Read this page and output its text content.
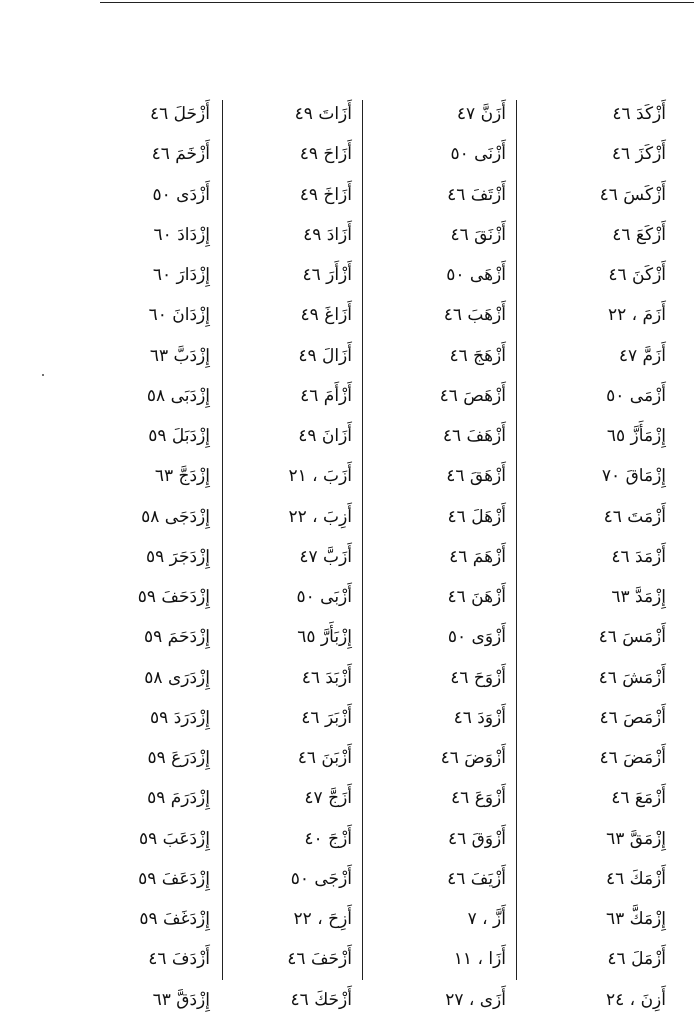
أَزْحَلَ ٤٦
أَزْخَمَ ٤٦
أَزْدَى ٥٠
إِزْدَادَ ٦٠
إِزْدَارَ ٦٠
إِزْدَانَ ٦٠
إِزْدَبَّ ٦٣
إِزْدَبَى ٥٨
إِزْدَبَلَ ٥٩
إِزْدَجَّ ٦٣
إِزْدَجَى ٥٨
إِزْدَجَرَ ٥٩
إِزْدَحَفَ ٥٩
إِزْدَحَمَ ٥٩
إِزْدَرَى ٥٨
إِزْدَرَدَ ٥٩
إِزْدَرَعَ ٥٩
إِزْدَرَمَ ٥٩
إِزْدَعَبَ ٥٩
إِزْدَعَفَ ٥٩
إِزْدَغَفَ ٥٩
أَزْدَفَ ٤٦
إِزْدَقَّ ٦٣
أَزَاتَ ٤٩
أَزَاحَ ٤٩
أَزَاخَ ٤٩
أَزَادَ ٤٩
أَزْأَرَ ٤٦
أَزَاغَ ٤٩
أَزَالَ ٤٩
أَزْأَمَ ٤٦
أَزَانَ ٤٩
أَزَبَ ، ٢١
أَزِبَ ، ٢٢
أَزَبَّ ٤٧
أَزْبَى ٥٠
إِزْبَأَرَّ ٦٥
أَزْبَدَ ٤٦
أَزْبَرَ ٤٦
أَزْبَنَ ٤٦
أَزَجَّ ٤٧
أَزْجَ ٤٠
أَزْجَى ٥٠
أَزِحَ ، ٢٢
أَزْحَفَ ٤٦
أَزْحَكَ ٤٦
أَزَنَّ ٤٧
أَزْنَى ٥٠
أَزْتَفَ ٤٦
أَزْنَقَ ٤٦
أَزْهَى ٥٠
أَزْهَبَ ٤٦
أَزْهَجَ ٤٦
أَزْهَصَ ٤٦
أَزْهَفَ ٤٦
أَزْهَقَ ٤٦
أَزْهَلَ ٤٦
أَزْهَمَ ٤٦
أَزْهَنَ ٤٦
أَزْوَى ٥٠
أَزْوَحَ ٤٦
أَزْوَدَ ٤٦
أَزْوَضَ ٤٦
أَزْوَعَ ٤٦
أَزْوَقَ ٤٦
أَزْيَفَ ٤٦
أَزَّ ، ٧
أَزَا ، ١١
أَزَى ، ٢٧
أَزْكَدَ ٤٦
أَزْكَزَ ٤٦
أَزْكَسَ ٤٦
أَزْكَعَ ٤٦
أَزْكَنَ ٤٦
أَزَمَ ، ٢٢
أَزَمَّ ٤٧
أَزْمَى ٥٠
إِزْمَأَزَّ ٦٥
إِزْمَاقَ ٧٠
أَزْمَتَ ٤٦
أَزْمَدَ ٤٦
إِزْمَدَّ ٦٣
أَزْمَسَ ٤٦
أَزْمَشَ ٤٦
أَزْمَصَ ٤٦
أَزْمَضَ ٤٦
أَزْمَعَ ٤٦
إِزْمَقَّ ٦٣
أَزْمَكَ ٤٦
إِزْمَكَّ ٦٣
أَزْمَلَ ٤٦
أَزِنَ ، ٢٤
